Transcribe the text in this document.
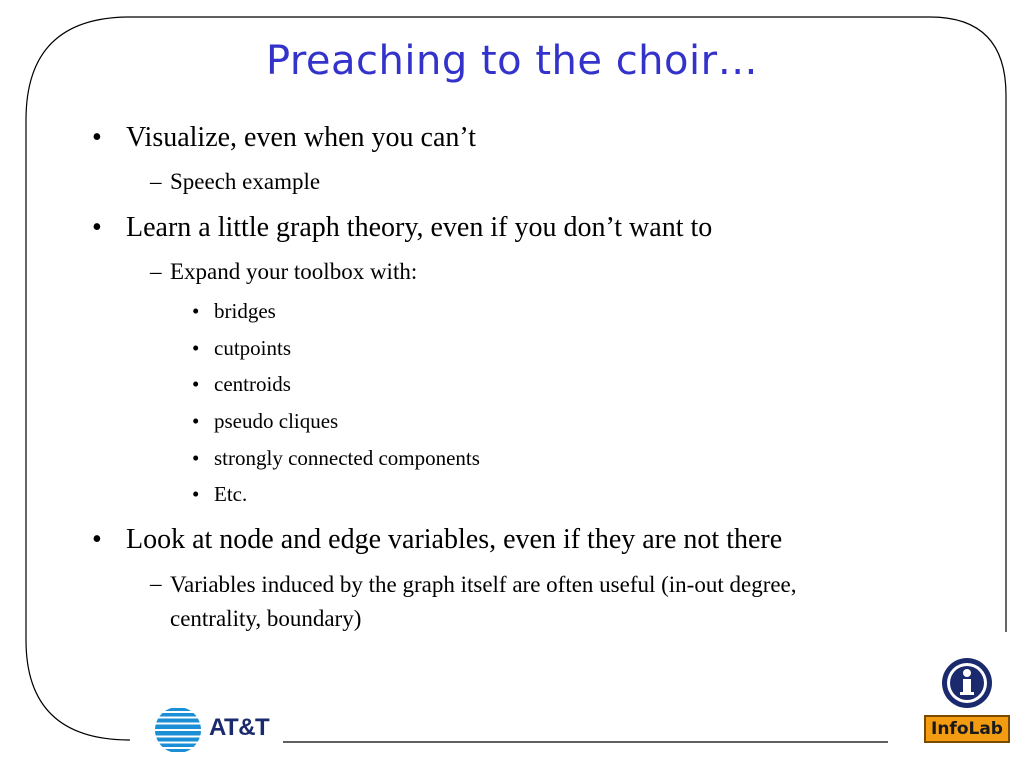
Preaching to the choir…
• Visualize, even when you can’t
– Speech example
• Learn a little graph theory, even if you don’t want to
– Expand your toolbox with:
• bridges
• cutpoints
• centroids
• pseudo cliques
• strongly connected components
• Etc.
• Look at node and edge variables, even if they are not there
– Variables induced by the graph itself are often useful (in-out degree, centrality, boundary)
AT&T	InfoLab
